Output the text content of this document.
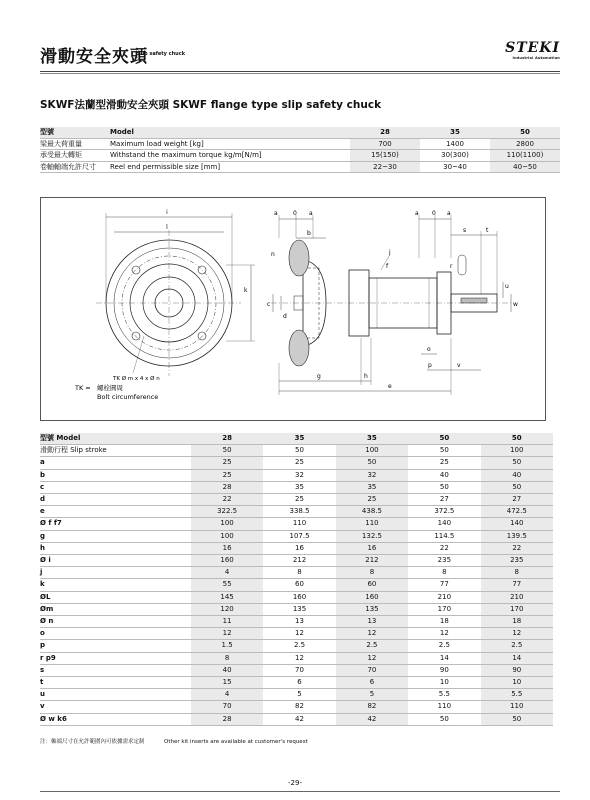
滑動安全夾頭
Slip safety chuck	STEKI
Industrial Automation
SKWF法蘭型滑動安全夾頭 SKWF flange type slip safety chuck
型號	Model	28	35	50
梁最大荷重量	Maximum load weight [kg]	700	1400	2800
承受最大轉矩	Withstand the maximum torque kg/m[N/m]	15(150)	30(300)	110(1100)
卷軸軸端允許尺寸	Reel end permissible size [mm]	22~30	30~40	40~50
i
l
k
TK Ø m x 4 x Ø n
TK = 螺栓圓周
Bolt circumference
a	0 a
b
c
d
f
j
g	h
e
a 0 a
s	t
r
u
w
n
o
p	v
型號 Model	28	35	35	50	50
滑動行程 Slip stroke	50	50	100	50	100
a	25	25	50	25	50
b	25	32	32	40	40
c	28	35	35	50	50
d	22	25	25	27	27
e	322.5	338.5	438.5	372.5	472.5
Ø f f7	100	110	110	140	140
g	100	107.5	132.5	114.5	139.5
h	16	16	16	22	22
Ø i	160	212	212	235	235
j	4	8	8	8	8
k	55	60	60	77	77
ØL	145	160	160	210	210
Øm	120	135	135	170	170
Ø n	11	13	13	18	18
o	12	12	12	12	12
p	1.5	2.5	2.5	2.5	2.5
r p9	8	12	12	14	14
s	40	70	70	90	90
t	15	6	6	10	10
u	4	5	5	5.5	5.5
v	70	82	82	110	110
Ø w k6	28	42	42	50	50
注：軸端尺寸在允許範圍內可依據需求定制	Other kit inserts are available at customer's request
-29-
